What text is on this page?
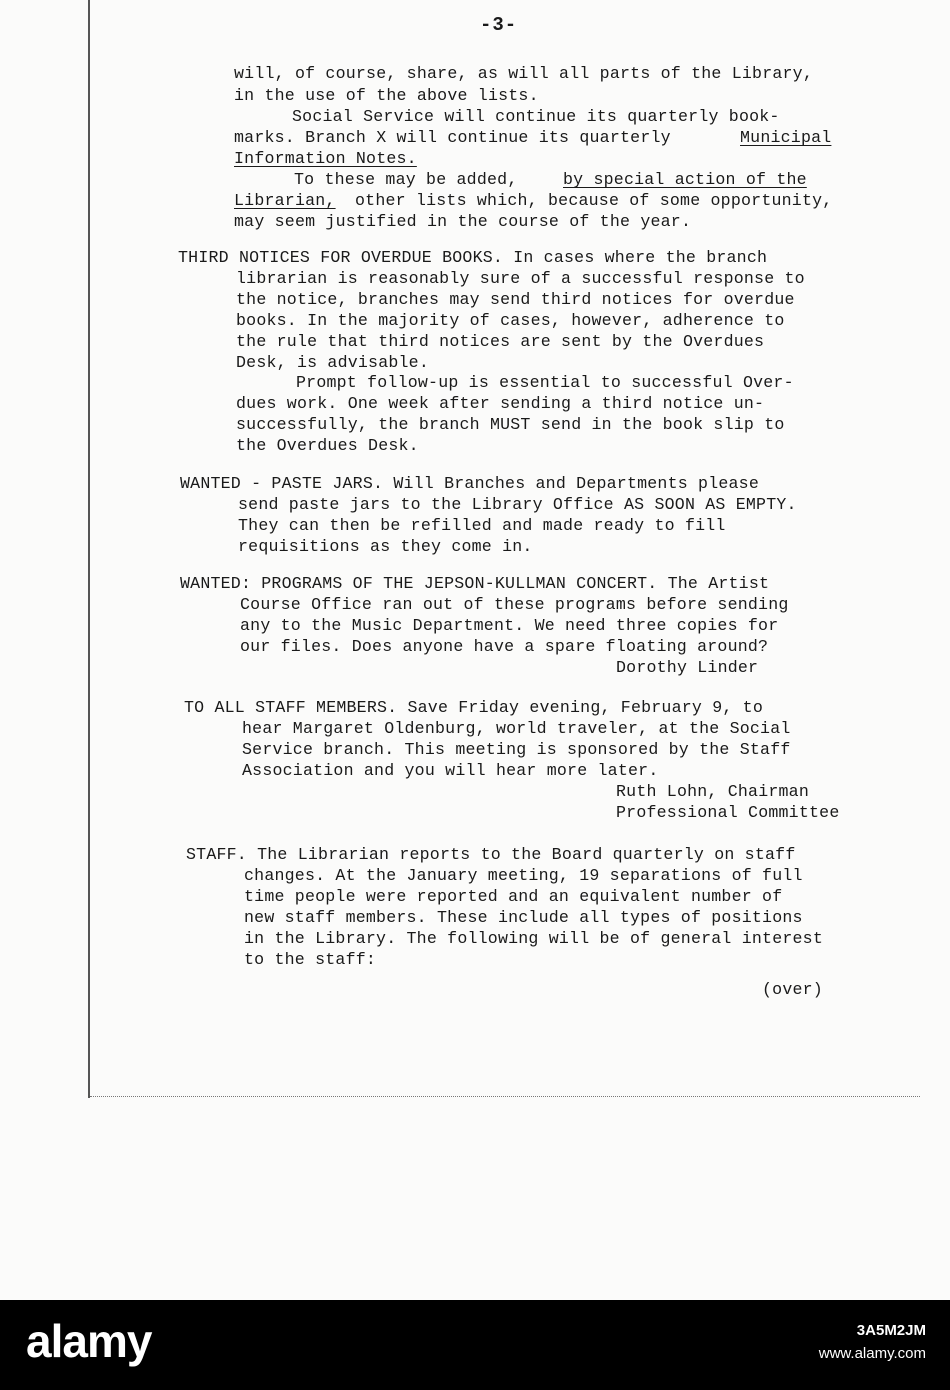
-3-
will, of course, share, as will all parts of the Library,
in the use of the above lists.
Social Service will continue its quarterly book-
marks. Branch X will continue its quarterly	Municipal
Information Notes.
To these may be added,	by special action of the
Librarian, other lists which, because of some opportunity,
may seem justified in the course of the year.
THIRD NOTICES FOR OVERDUE BOOKS. In cases where the branch
librarian is reasonably sure of a successful response to
the notice, branches may send third notices for overdue
books. In the majority of cases, however, adherence to
the rule that third notices are sent by the Overdues
Desk, is advisable.
Prompt follow-up is essential to successful Over-
dues work. One week after sending a third notice un-
successfully, the branch MUST send in the book slip to
the Overdues Desk.
WANTED - PASTE JARS. Will Branches and Departments please
send paste jars to the Library Office AS SOON AS EMPTY.
They can then be refilled and made ready to fill
requisitions as they come in.
WANTED: PROGRAMS OF THE JEPSON-KULLMAN CONCERT. The Artist
Course Office ran out of these programs before sending
any to the Music Department. We need three copies for
our files. Does anyone have a spare floating around?
Dorothy Linder
TO ALL STAFF MEMBERS. Save Friday evening, February 9, to
hear Margaret Oldenburg, world traveler, at the Social
Service branch. This meeting is sponsored by the Staff
Association and you will hear more later.
Ruth Lohn, Chairman
Professional Committee
STAFF. The Librarian reports to the Board quarterly on staff
changes. At the January meeting, 19 separations of full
time people were reported and an equivalent number of
new staff members. These include all types of positions
in the Library. The following will be of general interest
to the staff:
(over)
alamy	3A5M2JM
www.alamy.com
